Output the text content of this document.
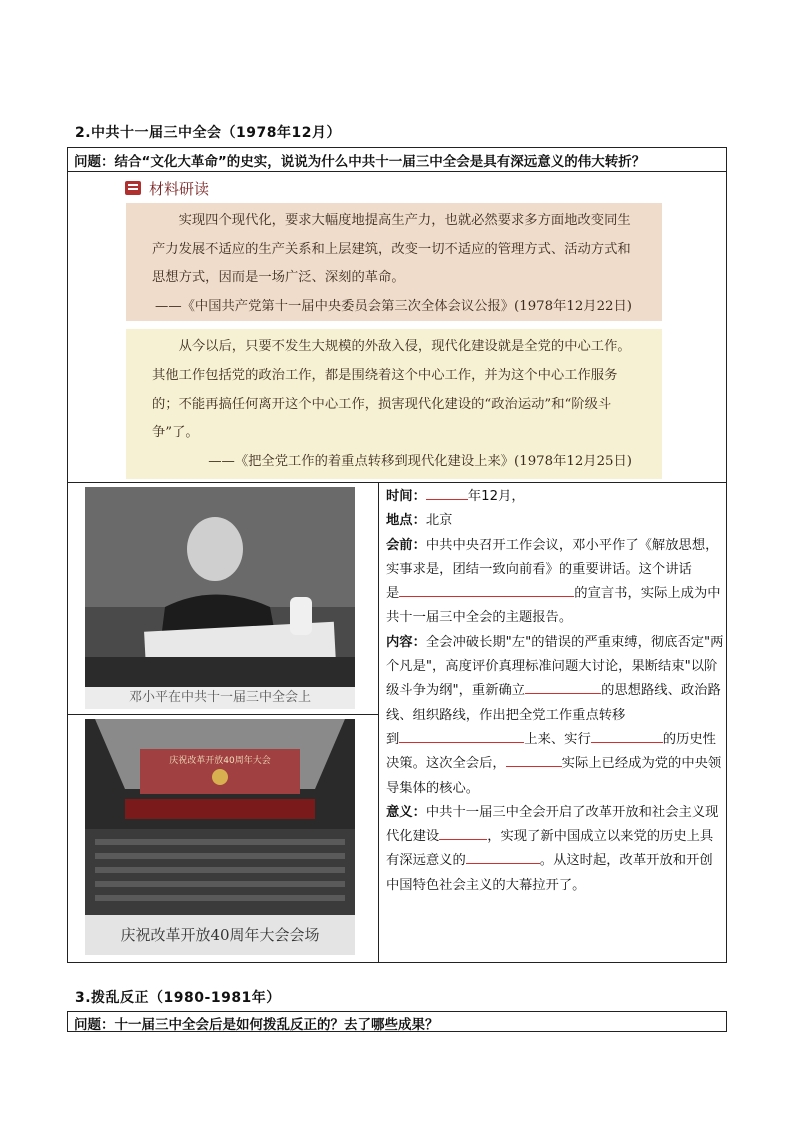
2.中共十一届三中全会（1978年12月）
问题：结合“文化大革命”的史实，说说为什么中共十一届三中全会是具有深远意义的伟大转折？
材料研读
实现四个现代化，要求大幅度地提高生产力，也就必然要求多方面地改变同生产力发展不适应的生产关系和上层建筑，改变一切不适应的管理方式、活动方式和思想方式，因而是一场广泛、深刻的革命。
——《中国共产党第十一届中央委员会第三次全体会议公报》(1978年12月22日)
从今以后，只要不发生大规模的外敌入侵，现代化建设就是全党的中心工作。其他工作包括党的政治工作，都是围绕着这个中心工作，并为这个中心工作服务的；不能再搞任何离开这个中心工作，损害现代化建设的“政治运动”和“阶级斗争”了。
——《把全党工作的着重点转移到现代化建设上来》(1978年12月25日)
邓小平在中共十一届三中全会上
庆祝改革开放40周年大会
庆祝改革开放40周年大会会场

时间：	年12月，

地点：北京

会前：中共中央召开工作会议，邓小平作了《解放思想，实事求是，团结一致向前看》的重要讲话。这个讲话

是	的宣言书，实际上成为中共十一届三中全会的主题报告。

内容：全会冲破长期"左"的错误的严重束缚，彻底否定"两个凡是"，高度评价真理标准问题大讨论，果断结束"以阶级斗争为纲"，重新确立	的思想路线、政治路线、组织路线，作出把全党工作重点转移

到	上来、实行	的历史性决策。这次全会后，	实际上已经成为党的中央领导集体的核心。

意义：中共十一届三中全会开启了改革开放和社会主义现代化建设	，实现了新中国成立以来党的历史上具有深远意义的	。从这时起，改革开放和开创中国特色社会主义的大幕拉开了。

3.拨乱反正（1980-1981年）
问题：十一届三中全会后是如何拨乱反正的？去了哪些成果？
